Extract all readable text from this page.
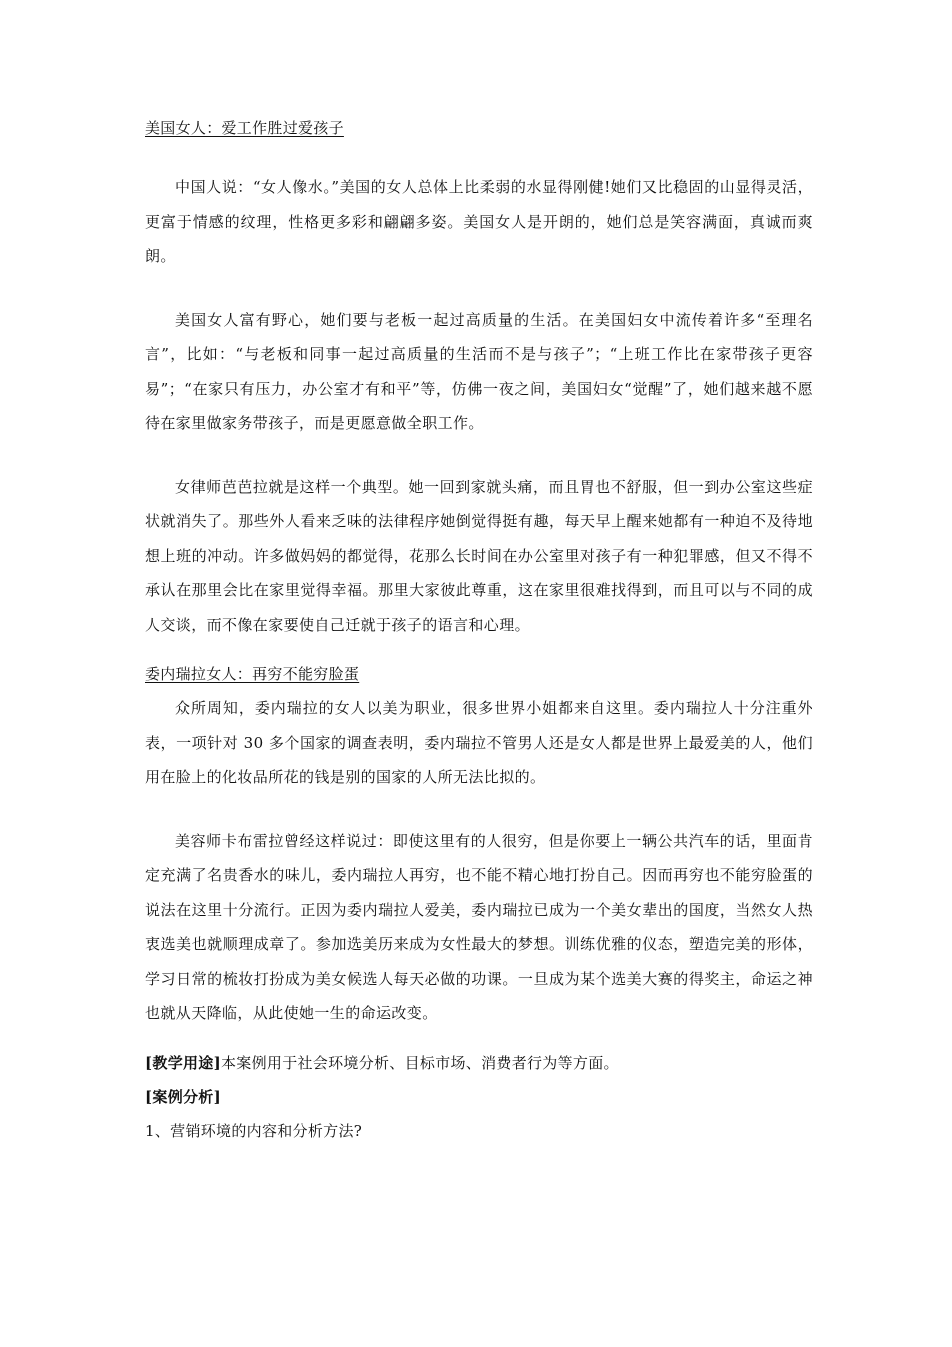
美国女人：爱工作胜过爱孩子

中国人说：“女人像水。”美国的女人总体上比柔弱的水显得刚健!她们又比稳固的山显得灵活，更富于情感的纹理，性格更多彩和翩翩多姿。美国女人是开朗的，她们总是笑容满面，真诚而爽朗。

美国女人富有野心，她们要与老板一起过高质量的生活。在美国妇女中流传着许多“至理名言”，比如：“与老板和同事一起过高质量的生活而不是与孩子”；“上班工作比在家带孩子更容易”；“在家只有压力，办公室才有和平”等，仿佛一夜之间，美国妇女“觉醒”了，她们越来越不愿待在家里做家务带孩子，而是更愿意做全职工作。

女律师芭芭拉就是这样一个典型。她一回到家就头痛，而且胃也不舒服，但一到办公室这些症状就消失了。那些外人看来乏味的法律程序她倒觉得挺有趣，每天早上醒来她都有一种迫不及待地想上班的冲动。许多做妈妈的都觉得，花那么长时间在办公室里对孩子有一种犯罪感，但又不得不承认在那里会比在家里觉得幸福。那里大家彼此尊重，这在家里很难找得到，而且可以与不同的成人交谈，而不像在家要使自己迁就于孩子的语言和心理。

委内瑞拉女人：再穷不能穷脸蛋

众所周知，委内瑞拉的女人以美为职业，很多世界小姐都来自这里。委内瑞拉人十分注重外表，一项针对 30 多个国家的调查表明，委内瑞拉不管男人还是女人都是世界上最爱美的人，他们用在脸上的化妆品所花的钱是别的国家的人所无法比拟的。

美容师卡布雷拉曾经这样说过：即使这里有的人很穷，但是你要上一辆公共汽车的话，里面肯定充满了名贵香水的味儿，委内瑞拉人再穷，也不能不精心地打扮自己。因而再穷也不能穷脸蛋的说法在这里十分流行。正因为委内瑞拉人爱美，委内瑞拉已成为一个美女辈出的国度，当然女人热衷选美也就顺理成章了。参加选美历来成为女性最大的梦想。训练优雅的仪态，塑造完美的形体，学习日常的梳妆打扮成为美女候选人每天必做的功课。一旦成为某个选美大赛的得奖主，命运之神也就从天降临，从此使她一生的命运改变。

[教学用途]本案例用于社会环境分析、目标市场、消费者行为等方面。

[案例分析]

1、营销环境的内容和分析方法?
